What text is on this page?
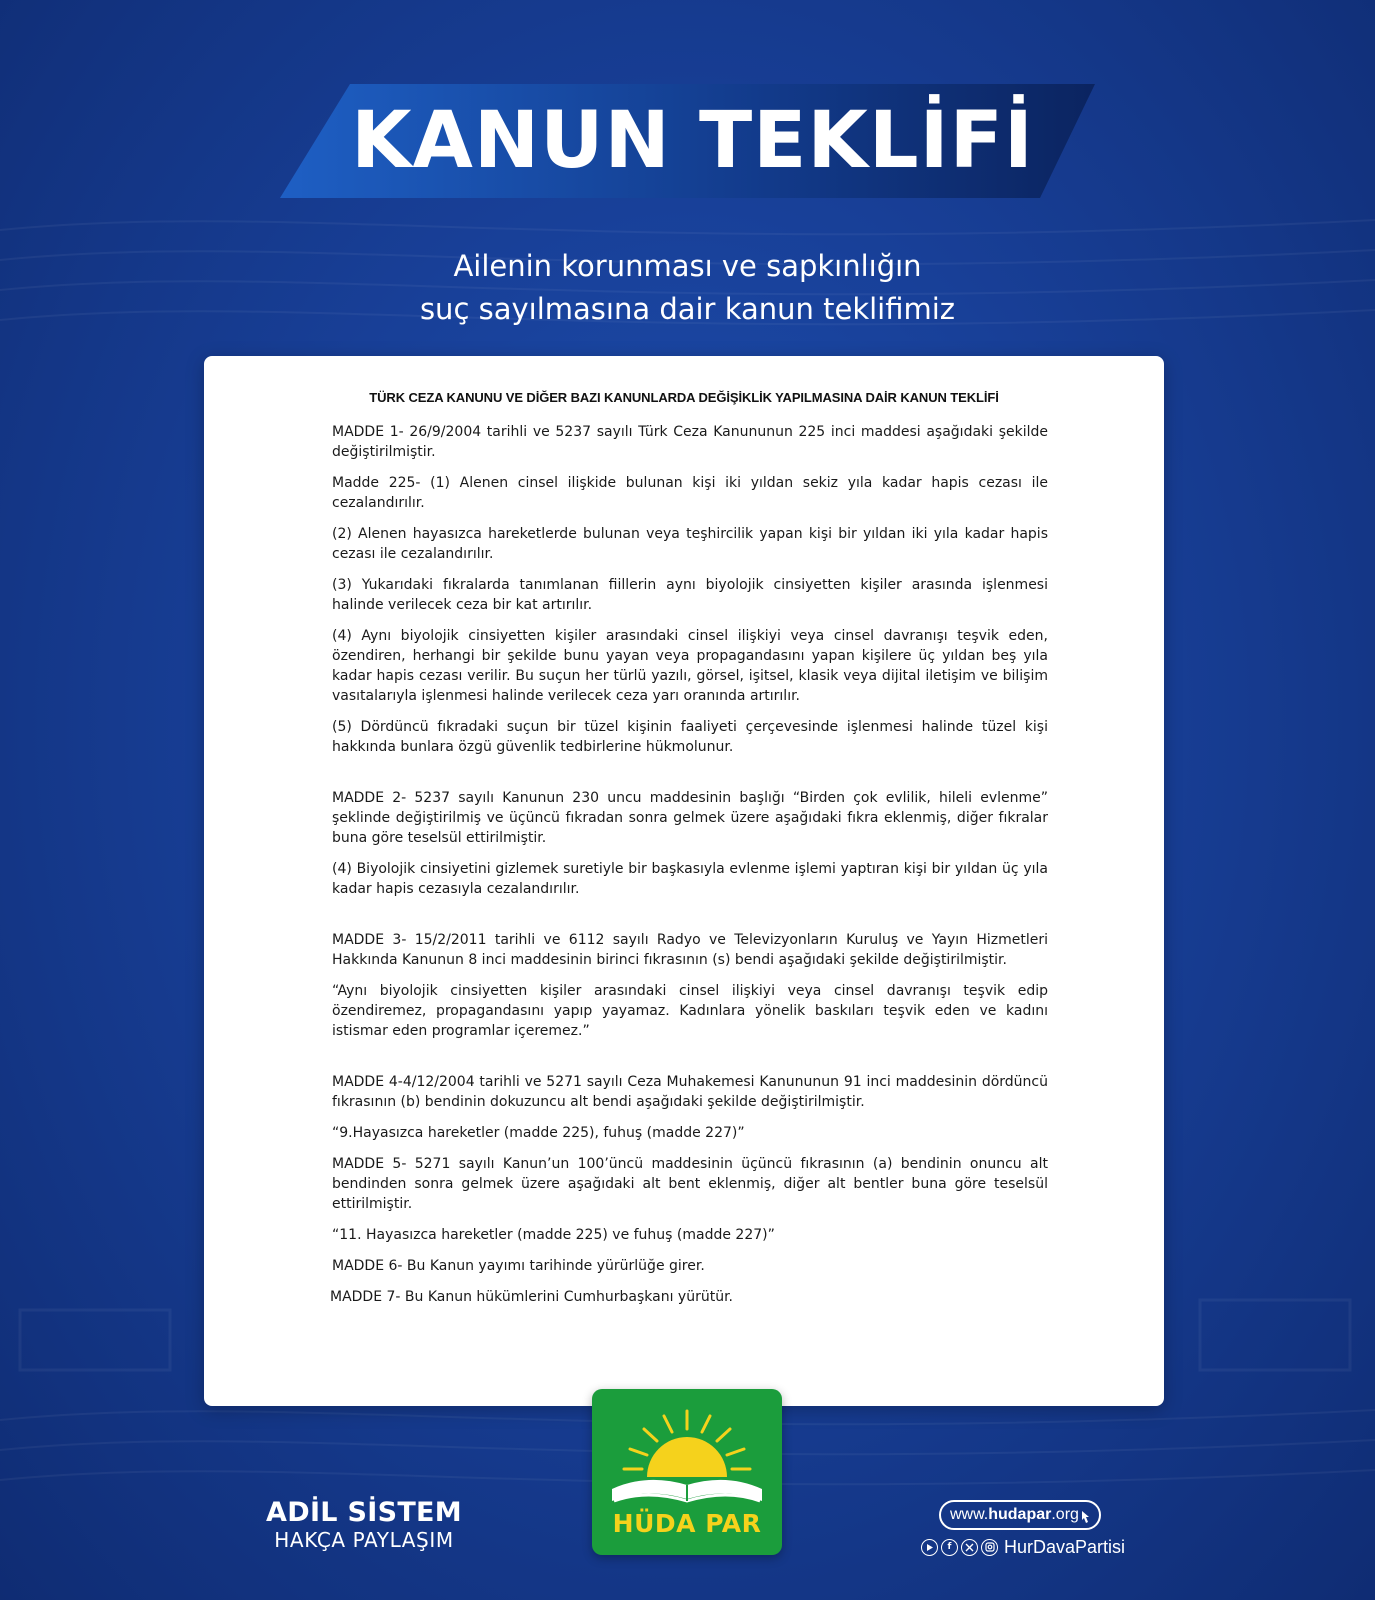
KANUN TEKLİFİ
Ailenin korunması ve sapkınlığın
suç sayılmasına dair kanun teklifimiz
TÜRK CEZA KANUNU VE DİĞER BAZI KANUNLARDA DEĞİŞİKLİK YAPILMASINA DAİR KANUN TEKLİFİ

MADDE 1- 26/9/2004 tarihli ve 5237 sayılı Türk Ceza Kanununun 225 inci maddesi aşağıdaki şekilde değiştirilmiştir.

Madde 225- (1) Alenen cinsel ilişkide bulunan kişi iki yıldan sekiz yıla kadar hapis cezası ile cezalandırılır.

(2) Alenen hayasızca hareketlerde bulunan veya teşhircilik yapan kişi bir yıldan iki yıla kadar hapis cezası ile cezalandırılır.

(3) Yukarıdaki fıkralarda tanımlanan fiillerin aynı biyolojik cinsiyetten kişiler arasında işlenmesi halinde verilecek ceza bir kat artırılır.

(4) Aynı biyolojik cinsiyetten kişiler arasındaki cinsel ilişkiyi veya cinsel davranışı teşvik eden, özendiren, herhangi bir şekilde bunu yayan veya propagandasını yapan kişilere üç yıldan beş yıla kadar hapis cezası verilir. Bu suçun her türlü yazılı, görsel, işitsel, klasik veya dijital iletişim ve bilişim vasıtalarıyla işlenmesi halinde verilecek ceza yarı oranında artırılır.

(5) Dördüncü fıkradaki suçun bir tüzel kişinin faaliyeti çerçevesinde işlenmesi halinde tüzel kişi hakkında bunlara özgü güvenlik tedbirlerine hükmolunur.

MADDE 2- 5237 sayılı Kanunun 230 uncu maddesinin başlığı “Birden çok evlilik, hileli evlenme” şeklinde değiştirilmiş ve üçüncü fıkradan sonra gelmek üzere aşağıdaki fıkra eklenmiş, diğer fıkralar buna göre teselsül ettirilmiştir.

(4) Biyolojik cinsiyetini gizlemek suretiyle bir başkasıyla evlenme işlemi yaptıran kişi bir yıldan üç yıla kadar hapis cezasıyla cezalandırılır.

MADDE 3- 15/2/2011 tarihli ve 6112 sayılı Radyo ve Televizyonların Kuruluş ve Yayın Hizmetleri Hakkında Kanunun 8 inci maddesinin birinci fıkrasının (s) bendi aşağıdaki şekilde değiştirilmiştir.

“Aynı biyolojik cinsiyetten kişiler arasındaki cinsel ilişkiyi veya cinsel davranışı teşvik edip özendiremez, propagandasını yapıp yayamaz. Kadınlara yönelik baskıları teşvik eden ve kadını istismar eden programlar içeremez.”

MADDE 4-4/12/2004 tarihli ve 5271 sayılı Ceza Muhakemesi Kanununun 91 inci maddesinin dördüncü fıkrasının (b) bendinin dokuzuncu alt bendi aşağıdaki şekilde değiştirilmiştir.

“9.Hayasızca hareketler (madde 225), fuhuş (madde 227)”

MADDE 5- 5271 sayılı Kanun’un 100’üncü maddesinin üçüncü fıkrasının (a) bendinin onuncu alt bendinden sonra gelmek üzere aşağıdaki alt bent eklenmiş, diğer alt bentler buna göre teselsül ettirilmiştir.

“11. Hayasızca hareketler (madde 225) ve fuhuş (madde 227)”

MADDE 6- Bu Kanun yayımı tarihinde yürürlüğe girer.

MADDE 7- Bu Kanun hükümlerini Cumhurbaşkanı yürütür.

ADİL SİSTEM
HAKÇA PAYLAŞIM
HÜDA PAR	www. hudapar .org
f	HurDavaPartisi
